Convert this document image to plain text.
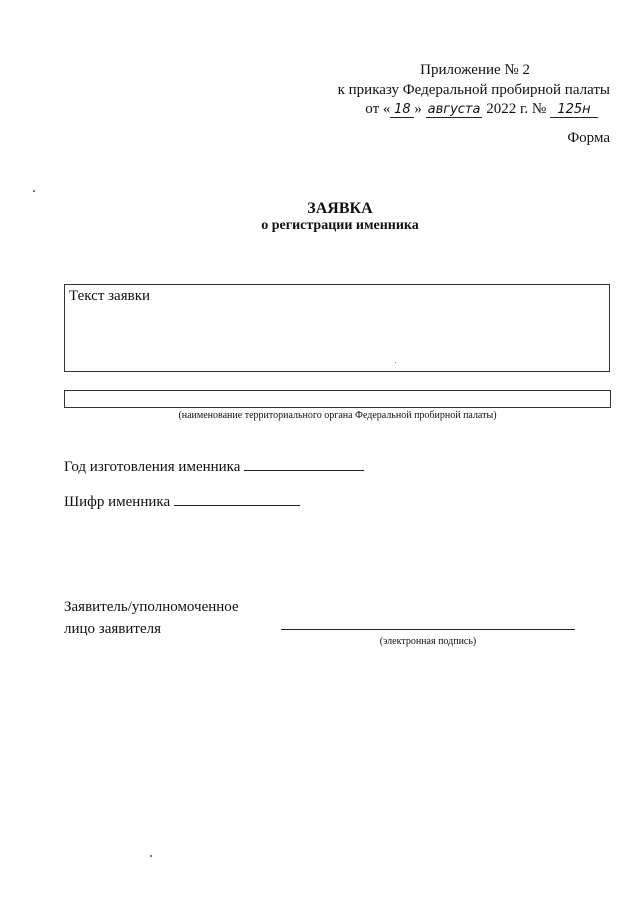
Приложение № 2
к приказу Федеральной пробирной палаты
от « 18 » августа 2022 г. № 125н
Форма
ЗАЯВКА
о регистрации именника
Текст заявки
(наименование территориального органа Федеральной пробирной палаты)
Год изготовления именника
Шифр именника
Заявитель/уполномоченное
лицо заявителя
(электронная подпись)
